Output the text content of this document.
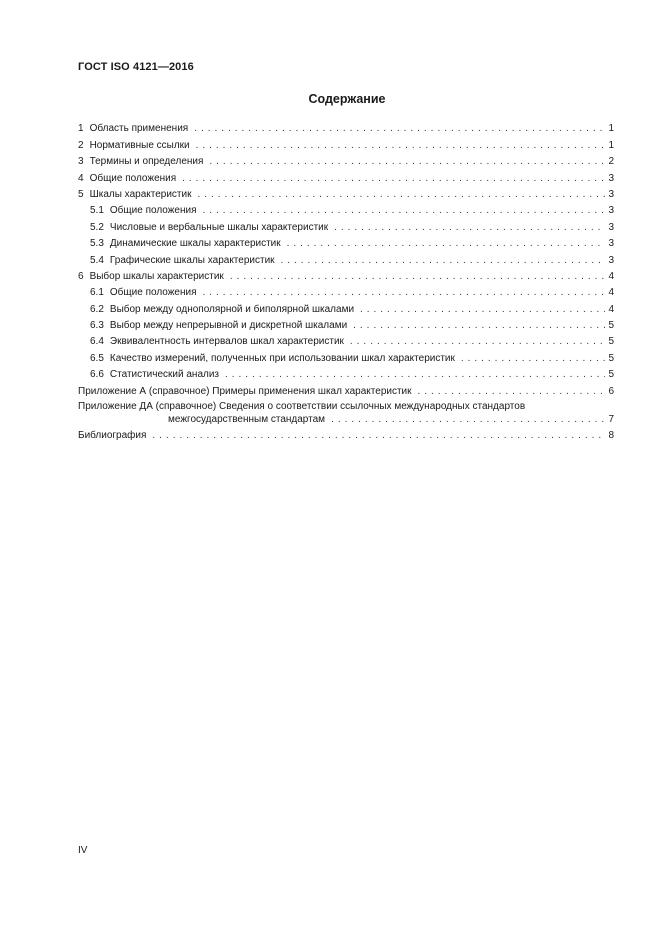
ГОСТ ISO 4121—2016
Содержание
1 Область применения . . .	1
2 Нормативные ссылки . . .	1
3 Термины и определения . . .	2
4 Общие положения . . .	3
5 Шкалы характеристик . . .	3
5.1 Общие положения . . .	3
5.2 Числовые и вербальные шкалы характеристик . . .	3
5.3 Динамические шкалы характеристик . . .	3
5.4 Графические шкалы характеристик . . .	3
6 Выбор шкалы характеристик . . .	4
6.1 Общие положения . . .	4
6.2 Выбор между однополярной и биполярной шкалами . . .	4
6.3 Выбор между непрерывной и дискретной шкалами . . .	5
6.4 Эквивалентность интервалов шкал характеристик . . .	5
6.5 Качество измерений, полученных при использовании шкал характеристик . . .	5
6.6 Статистический анализ . . .	5
Приложение А (справочное) Примеры применения шкал характеристик . . .	6
Приложение ДА (справочное) Сведения о соответствии ссылочных международных стандартов
межгосударственным стандартам . . .	7
Библиография . . .	8
IV
